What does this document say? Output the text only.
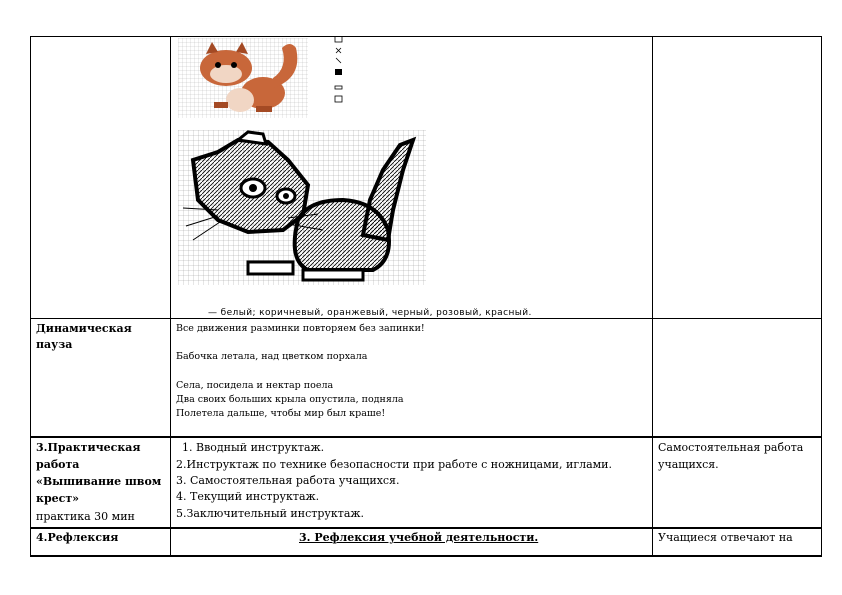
— белый; коричневый, оранжевый, черный, розовый, красный.
Динамическая
пауза
Все движения разминки повторяем без запинки!
Бабочка летала, над цветком порхала
Села, посидела и нектар поела
Два своих больших крыла опустила, подняла
Полетела дальше, чтобы мир был краше!
3.Практическая
работа
«Вышивание швом
крест»
практика 30 мин
1. Вводный инструктаж.
2.Инструктаж по технике безопасности при работе с ножницами, иглами.
3. Самостоятельная работа учащихся.
4. Текущий инструктаж.
5.Заключительный инструктаж.
Самостоятельная работа
учащихся.
4.Рефлексия	3. Рефлексия учебной деятельности.	Учащиеся отвечают на
